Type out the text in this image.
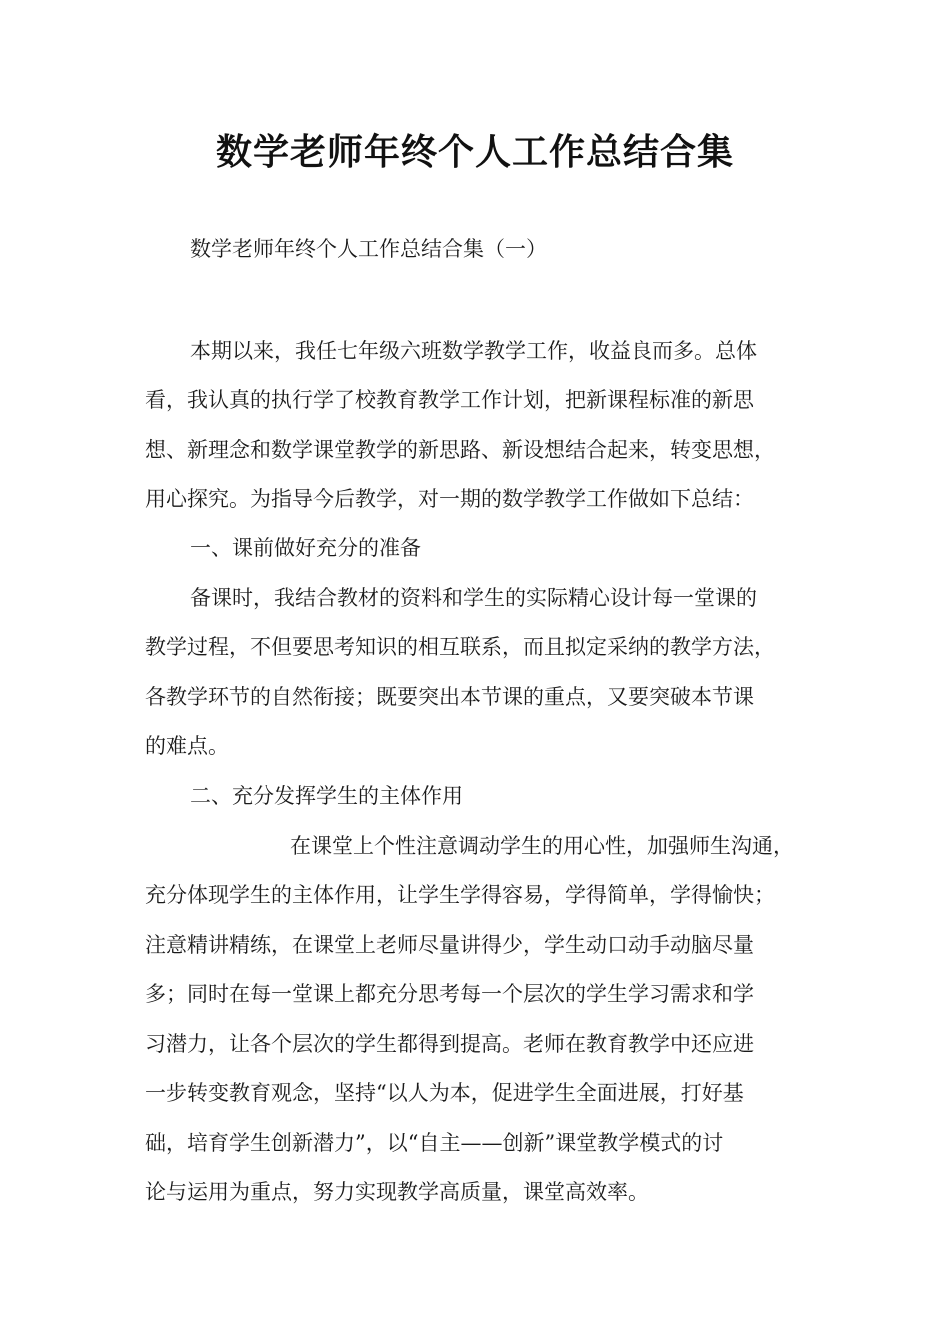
数学老师年终个人工作总结合集

数学老师年终个人工作总结合集（一）

本期以来，我任七年级六班数学教学工作，收益良而多。总体

看，我认真的执行学了校教育教学工作计划，把新课程标准的新思

想、新理念和数学课堂教学的新思路、新设想结合起来，转变思想，

用心探究。为指导今后教学，对一期的数学教学工作做如下总结：

一、课前做好充分的准备

备课时，我结合教材的资料和学生的实际精心设计每一堂课的

教学过程，不但要思考知识的相互联系，而且拟定采纳的教学方法，

各教学环节的自然衔接；既要突出本节课的重点，又要突破本节课

的难点。

二、充分发挥学生的主体作用

在课堂上个性注意调动学生的用心性，加强师生沟通，

充分体现学生的主体作用，让学生学得容易，学得简单，学得愉快；

注意精讲精练，在课堂上老师尽量讲得少，学生动口动手动脑尽量

多；同时在每一堂课上都充分思考每一个层次的学生学习需求和学

习潜力，让各个层次的学生都得到提高。老师在教育教学中还应进

一步转变教育观念，坚持“以人为本，促进学生全面进展，打好基

础，培育学生创新潜力”，以“自主——创新”课堂教学模式的讨

论与运用为重点，努力实现教学高质量，课堂高效率。
